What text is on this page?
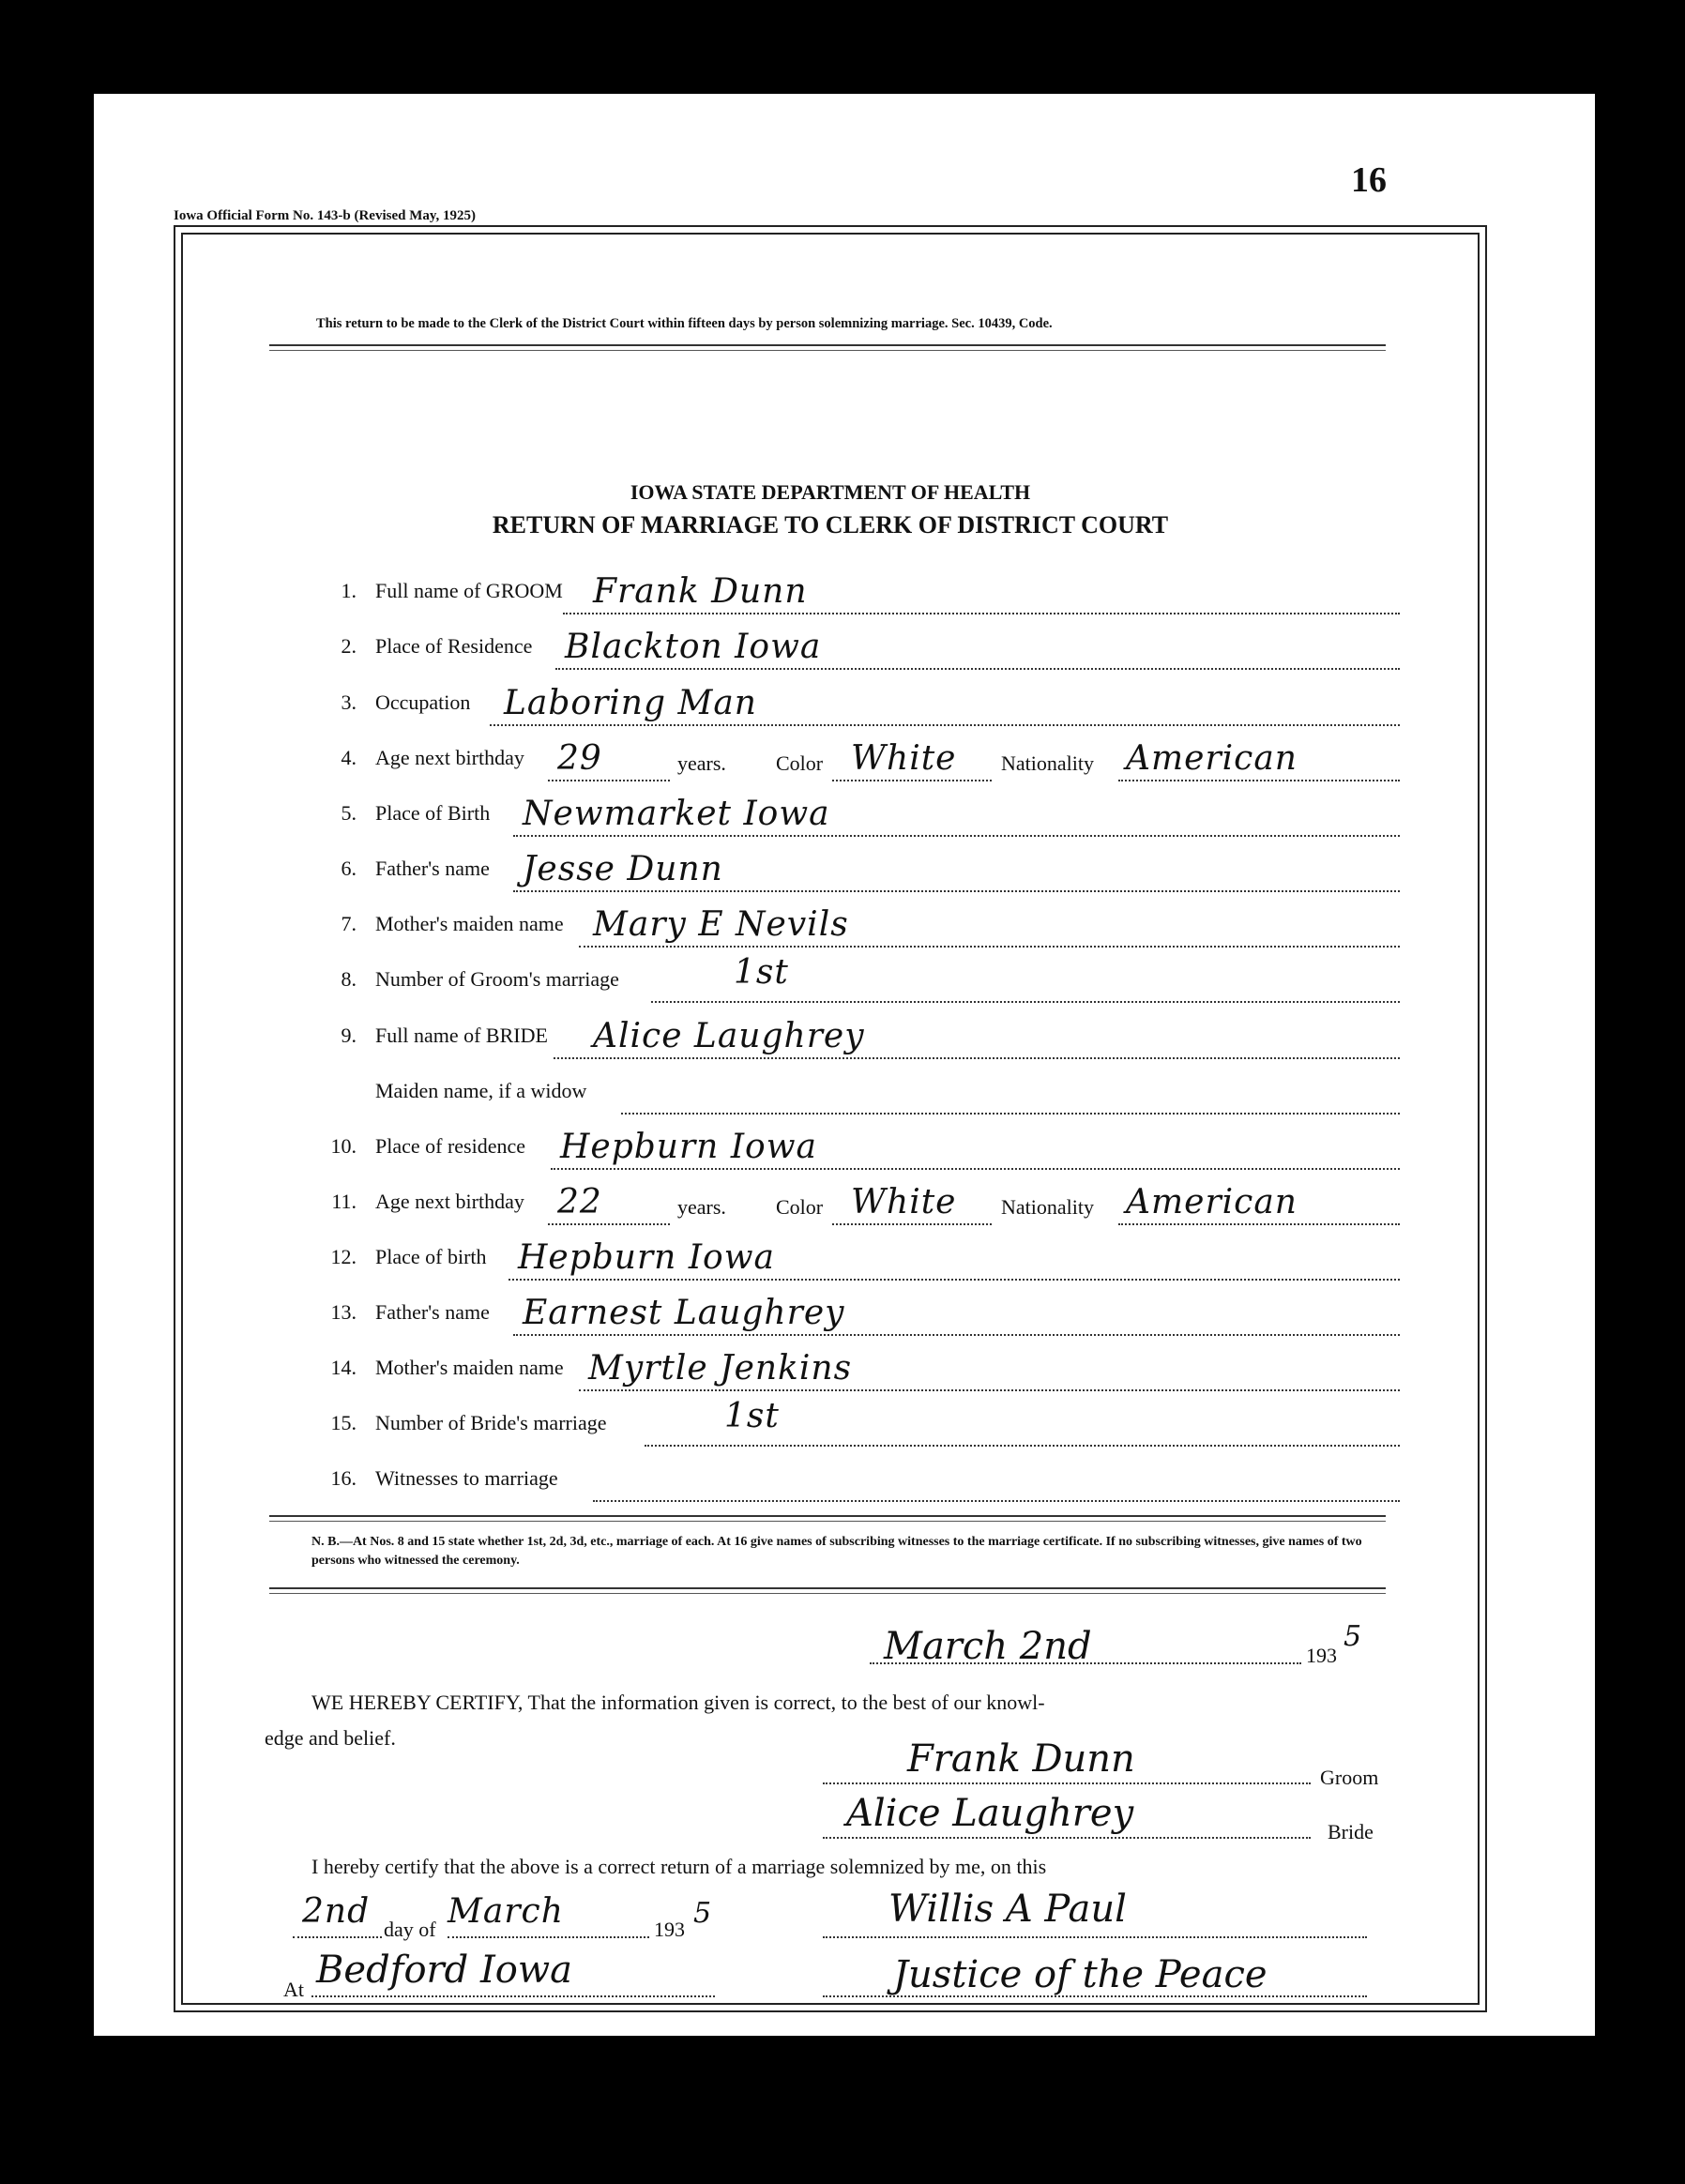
16
Iowa Official Form No. 143-b (Revised May, 1925)
This return to be made to the Clerk of the District Court within fifteen days by person solemnizing marriage. Sec. 10439, Code.
IOWA STATE DEPARTMENT OF HEALTH
RETURN OF MARRIAGE TO CLERK OF DISTRICT COURT
1. Full name of GROOM Frank Dunn
2. Place of Residence Blackton Iowa
3. Occupation Laboring Man
4. Age next birthday 29	years. Color White Nationality American
5. Place of Birth Newmarket Iowa
6. Father's name Jesse Dunn
7. Mother's maiden name Mary E Nevils
8. Number of Groom's marriage	1st
9. Full name of BRIDE Alice Laughrey
Maiden name, if a widow
10. Place of residence Hepburn Iowa
11. Age next birthday 22	years. Color White Nationality American
12. Place of birth Hepburn Iowa
13. Father's name Earnest Laughrey
14. Mother's maiden name Myrtle Jenkins
15. Number of Bride's marriage	1st
16. Witnesses to marriage
N. B.—At Nos. 8 and 15 state whether 1st, 2d, 3d, etc., marriage of each. At 16 give names of subscribing witnesses to the marriage certificate. If no subscribing witnesses, give names of two persons who witnessed the ceremony.
March 2nd	193
5
WE HEREBY CERTIFY, That the information given is correct, to the best of our knowl-
edge and belief.	Frank Dunn	Groom
Alice Laughrey	Bride
I hereby certify that the above is a correct return of a marriage solemnized by me, on this
2nd day of March	193 5	Willis A Paul
At Bedford Iowa	Justice of the Peace
